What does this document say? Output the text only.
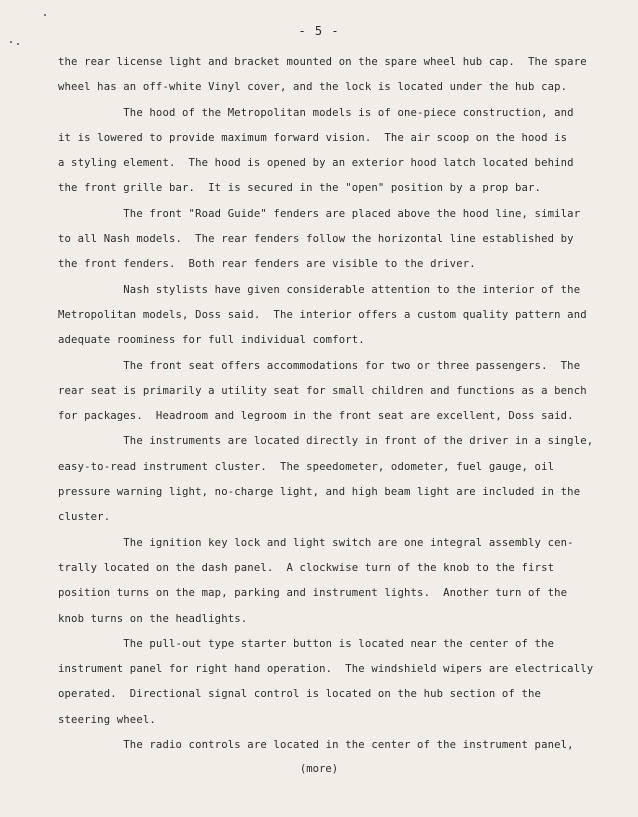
- 5 -
the rear license light and bracket mounted on the spare wheel hub cap.  The spare
wheel has an off-white Vinyl cover, and the lock is located under the hub cap.
The hood of the Metropolitan models is of one-piece construction, and
it is lowered to provide maximum forward vision.  The air scoop on the hood is
a styling element.  The hood is opened by an exterior hood latch located behind
the front grille bar.  It is secured in the "open" position by a prop bar.
The front "Road Guide" fenders are placed above the hood line, similar
to all Nash models.  The rear fenders follow the horizontal line established by
the front fenders.  Both rear fenders are visible to the driver.
Nash stylists have given considerable attention to the interior of the
Metropolitan models, Doss said.  The interior offers a custom quality pattern and
adequate roominess for full individual comfort.
The front seat offers accommodations for two or three passengers.  The
rear seat is primarily a utility seat for small children and functions as a bench
for packages.  Headroom and legroom in the front seat are excellent, Doss said.
The instruments are located directly in front of the driver in a single,
easy-to-read instrument cluster.  The speedometer, odometer, fuel gauge, oil
pressure warning light, no-charge light, and high beam light are included in the
cluster.
The ignition key lock and light switch are one integral assembly cen-
trally located on the dash panel.  A clockwise turn of the knob to the first
position turns on the map, parking and instrument lights.  Another turn of the
knob turns on the headlights.
The pull-out type starter button is located near the center of the
instrument panel for right hand operation.  The windshield wipers are electrically
operated.  Directional signal control is located on the hub section of the
steering wheel.
The radio controls are located in the center of the instrument panel,
(more)
